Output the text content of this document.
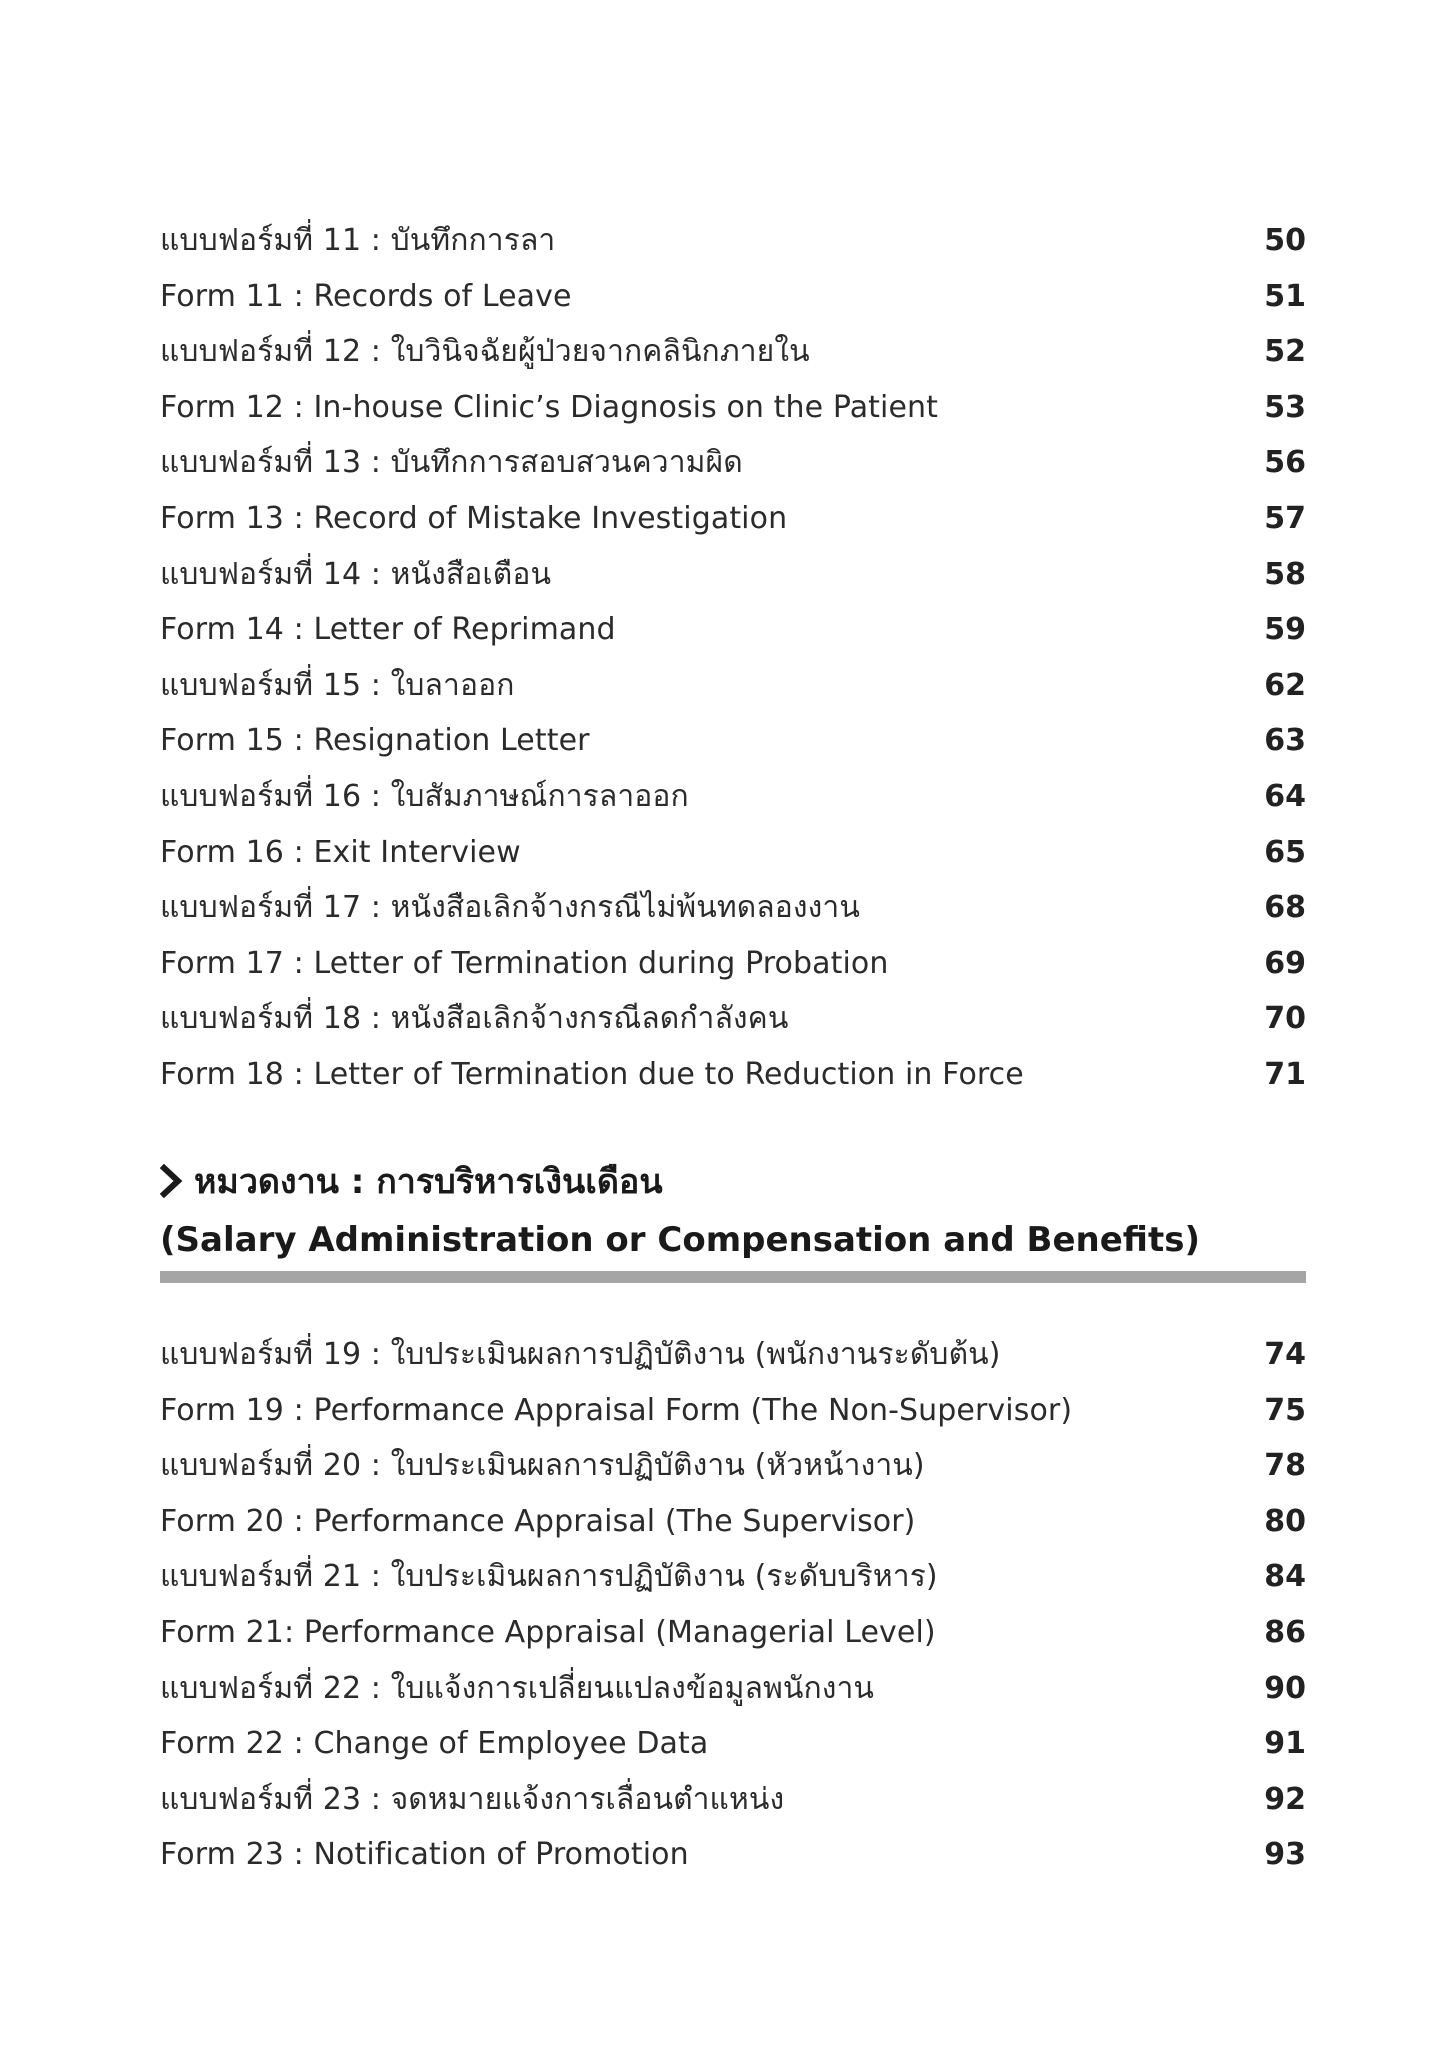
แบบฟอร์มที่ 11 : บันทึกการลา	50
Form 11 : Records of Leave	51
แบบฟอร์มที่ 12 : ใบวินิจฉัยผู้ป่วยจากคลินิกภายใน	52
Form 12 : In-house Clinic’s Diagnosis on the Patient	53
แบบฟอร์มที่ 13 : บันทึกการสอบสวนความผิด	56
Form 13 : Record of Mistake Investigation	57
แบบฟอร์มที่ 14 : หนังสือเตือน	58
Form 14 : Letter of Reprimand	59
แบบฟอร์มที่ 15 : ใบลาออก	62
Form 15 : Resignation Letter	63
แบบฟอร์มที่ 16 : ใบสัมภาษณ์การลาออก	64
Form 16 : Exit Interview	65
แบบฟอร์มที่ 17 : หนังสือเลิกจ้างกรณีไม่พ้นทดลองงาน	68
Form 17 : Letter of Termination during Probation	69
แบบฟอร์มที่ 18 : หนังสือเลิกจ้างกรณีลดกำลังคน	70
Form 18 : Letter of Termination due to Reduction in Force	71
หมวดงาน : การบริหารเงินเดือน
(Salary Administration or Compensation and Benefits)
แบบฟอร์มที่ 19 : ใบประเมินผลการปฏิบัติงาน (พนักงานระดับต้น)	74
Form 19 : Performance Appraisal Form (The Non-Supervisor)	75
แบบฟอร์มที่ 20 : ใบประเมินผลการปฏิบัติงาน (หัวหน้างาน)	78
Form 20 : Performance Appraisal (The Supervisor)	80
แบบฟอร์มที่ 21 : ใบประเมินผลการปฏิบัติงาน (ระดับบริหาร)	84
Form 21: Performance Appraisal (Managerial Level)	86
แบบฟอร์มที่ 22 : ใบแจ้งการเปลี่ยนแปลงข้อมูลพนักงาน	90
Form 22 : Change of Employee Data	91
แบบฟอร์มที่ 23 : จดหมายแจ้งการเลื่อนตำแหน่ง	92
Form 23 : Notification of Promotion	93
